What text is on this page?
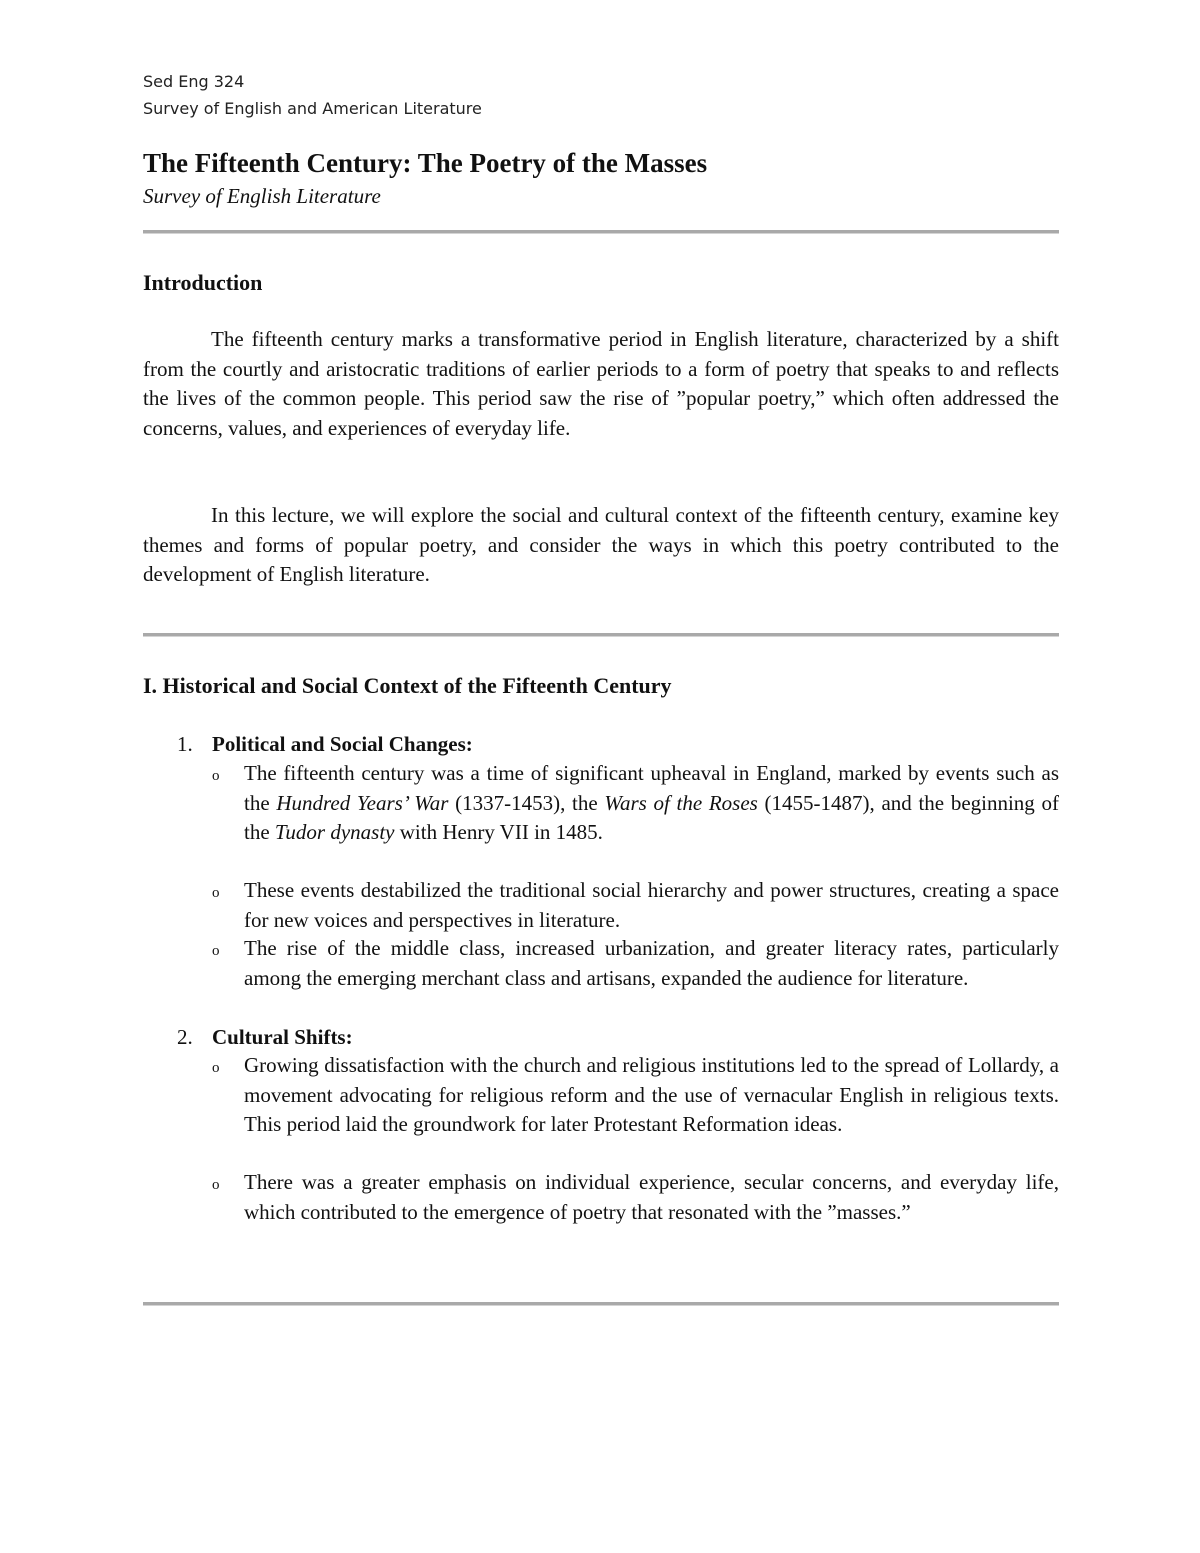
Sed Eng 324
Survey of English and American Literature
The Fifteenth Century: The Poetry of the Masses
Survey of English Literature
Introduction

The fifteenth century marks a transformative period in English literature, characterized by a shift from the courtly and aristocratic traditions of earlier periods to a form of poetry that speaks to and reflects the lives of the common people. This period saw the rise of ”popular poetry,” which often addressed the concerns, values, and experiences of everyday life.

In this lecture, we will explore the social and cultural context of the fifteenth century, examine key themes and forms of popular poetry, and consider the ways in which this poetry contributed to the development of English literature.

I. Historical and Social Context of the Fifteenth Century
1. Political and Social Changes:
o The fifteenth century was a time of significant upheaval in England, marked by events such as the Hundred Years’ War (1337-1453), the Wars of the Roses (1455-1487), and the beginning of the Tudor dynasty with Henry VII in 1485.

o These events destabilized the traditional social hierarchy and power structures, creating a space for new voices and perspectives in literature.

o The rise of the middle class, increased urbanization, and greater literacy rates, particularly among the emerging merchant class and artisans, expanded the audience for literature.

2. Cultural Shifts:
o Growing dissatisfaction with the church and religious institutions led to the spread of Lollardy, a movement advocating for religious reform and the use of vernacular English in religious texts. This period laid the groundwork for later Protestant Reformation ideas.

o There was a greater emphasis on individual experience, secular concerns, and everyday life, which contributed to the emergence of poetry that resonated with the ”masses.”
